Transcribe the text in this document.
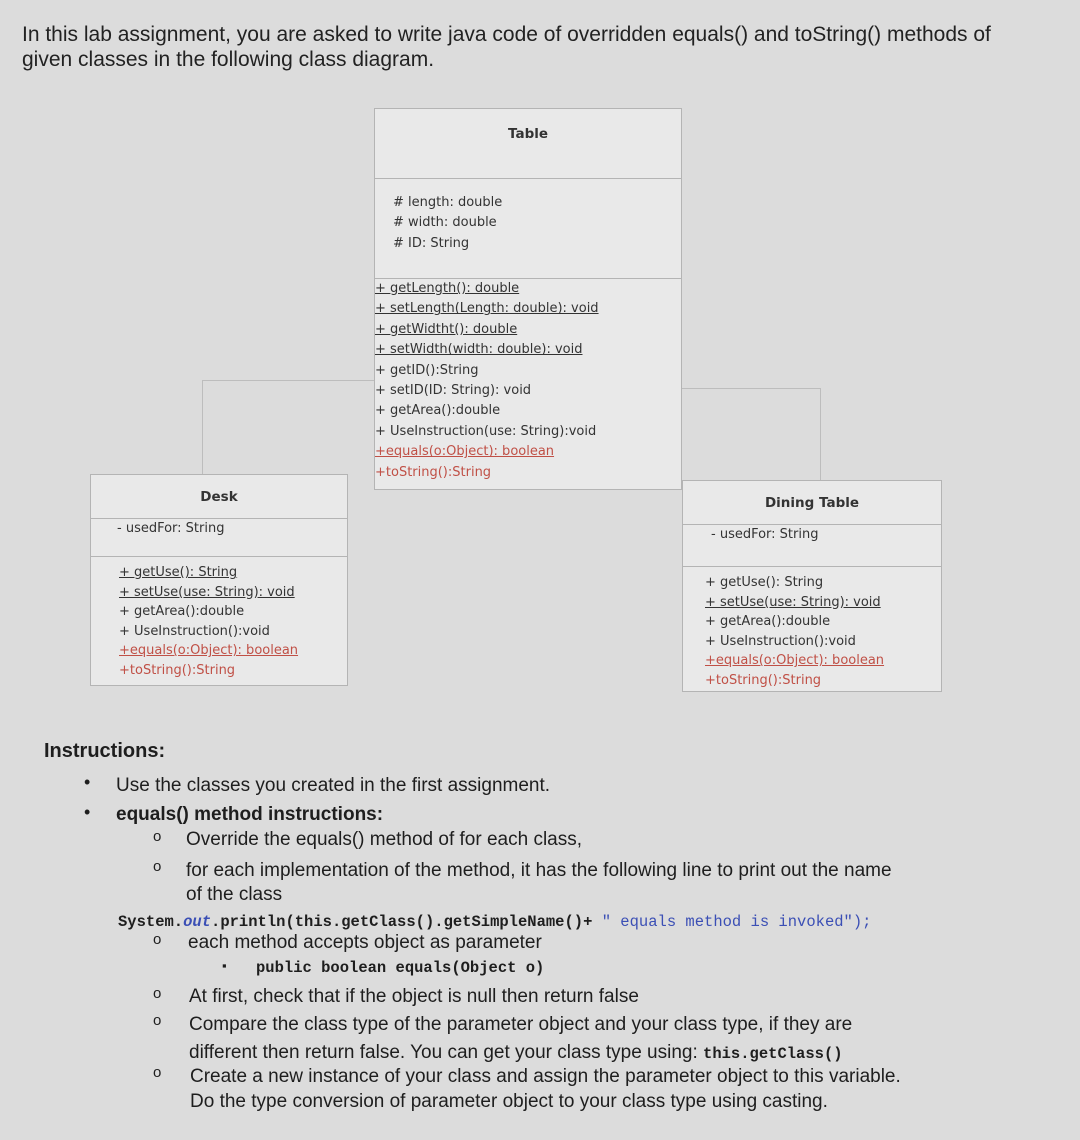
In this lab assignment, you are asked to write java code of overridden equals() and toString() methods of given classes in the following class diagram.
Table
# length: double
# width: double
# ID: String
+ getLength(): double
+ setLength(Length: double): void
+ getWidtht(): double
+ setWidth(width: double): void
+ getID():String
+ setID(ID: String): void
+ getArea():double
+ UseInstruction(use: String):void
+equals(o:Object): boolean
+toString():String
Desk
- usedFor: String
+ getUse(): String
+ setUse(use: String): void
+ getArea():double
+ UseInstruction():void
+equals(o:Object): boolean
+toString():String
Dining Table
- usedFor: String
+ getUse(): String
+ setUse(use: String): void
+ getArea():double
+ UseInstruction():void
+equals(o:Object): boolean
+toString():String
Instructions:
• Use the classes you created in the first assignment.
• equals() method instructions:
o Override the equals() method of for each class,
o for each implementation of the method, it has the following line to print out the name
of the class
System.out.println(this.getClass().getSimpleName()+ " equals method is invoked");
o each method accepts object as parameter
▪ public boolean equals(Object o)
o At first, check that if the object is null then return false
o Compare the class type of the parameter object and your class type, if they are
different then return false. You can get your class type using: this.getClass()
o Create a new instance of your class and assign the parameter object to this variable.
Do the type conversion of parameter object to your class type using casting.
